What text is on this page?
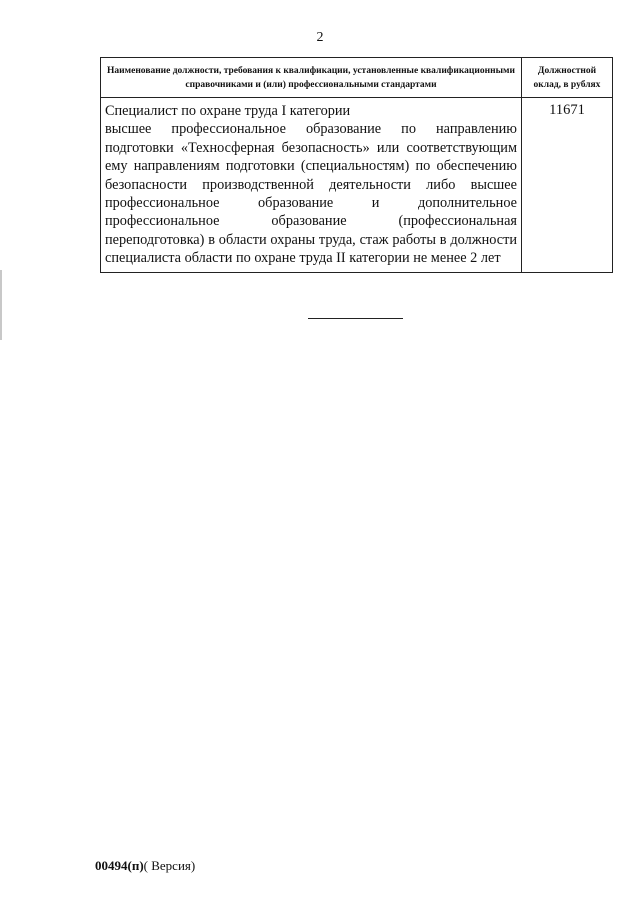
2
Наименование должности, требования к квалификации, установленные квалификационными справочниками и (или) профессиональными стандартами	Должностной оклад, в рублях

Специалист по охране труда I категории

высшее профессиональное образование по направлению подготовки «Техносферная безопасность» или соответствующим ему направлениям подготовки (специальностям) по обеспечению безопасности производственной деятельности либо высшее профессиональное образование и дополнительное профессиональное образование (профессиональная переподготовка) в области охраны труда, стаж работы в должности специалиста области по охране труда II категории не менее 2 лет	11671
00494(п)( Версия)
